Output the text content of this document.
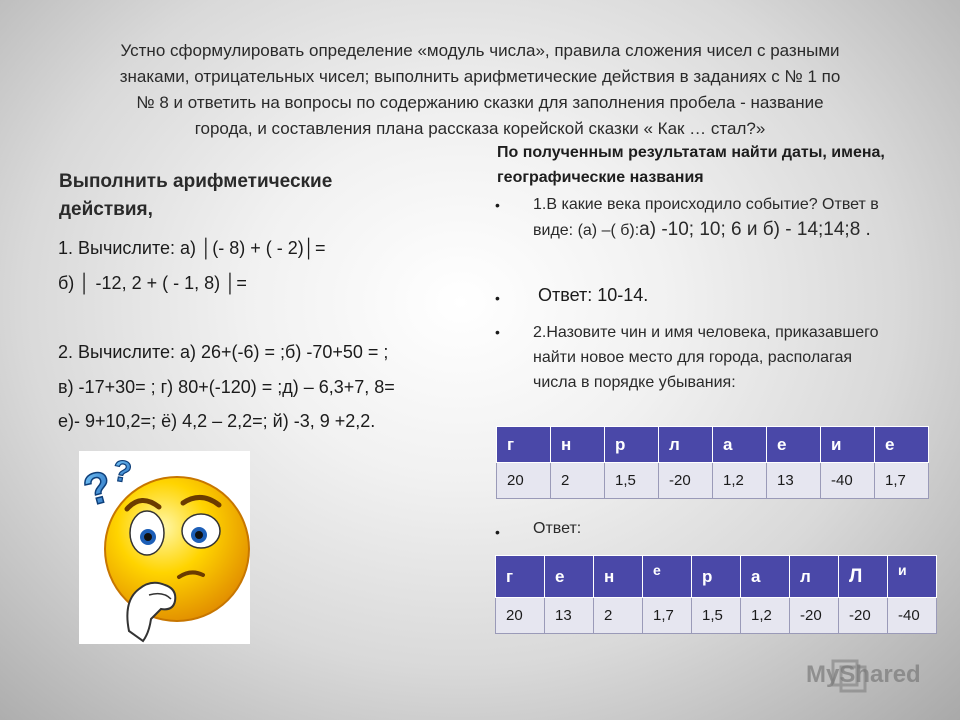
Устно сформулировать определение «модуль числа», правила сложения чисел с разными
знаками, отрицательных чисел; выполнить арифметические действия в заданиях с № 1 по
№ 8 и ответить на вопросы по содержанию сказки для заполнения пробела - название
города, и составления плана рассказа корейской сказки « Как … стал?»
Выполнить арифметические действия,
1. Вычислите: а) │(- 8) + ( - 2)│=
б) │ -12, 2 + ( - 1, 8) │=
2. Вычислите: а) 26+(-6) = ;б) -70+50 = ;
в) -17+30= ; г) 80+(-120) = ;д) – 6,3+7, 8=
е)- 9+10,2=; ё) 4,2 – 2,2=; й) -3, 9 +2,2.
?
?
По полученным результатам найти даты, имена, географические названия
• 1.В какие века происходило событие? Ответ в виде: (а) –( б):а) -10; 10; 6 и б) - 14;14;8 .
• Ответ: 10-14.
• 2.Назовите чин и имя человека, приказавшего найти новое место для города, располагая числа в порядке убывания:
г	н	р	л	а	е	и	е
20	2	1,5	-20	1,2	13	-40	1,7
• Ответ:
г	е	н	е	р	а	л	Л	и
20	13	2	1,7	1,5	1,2	-20	-20	-40
MyShared
